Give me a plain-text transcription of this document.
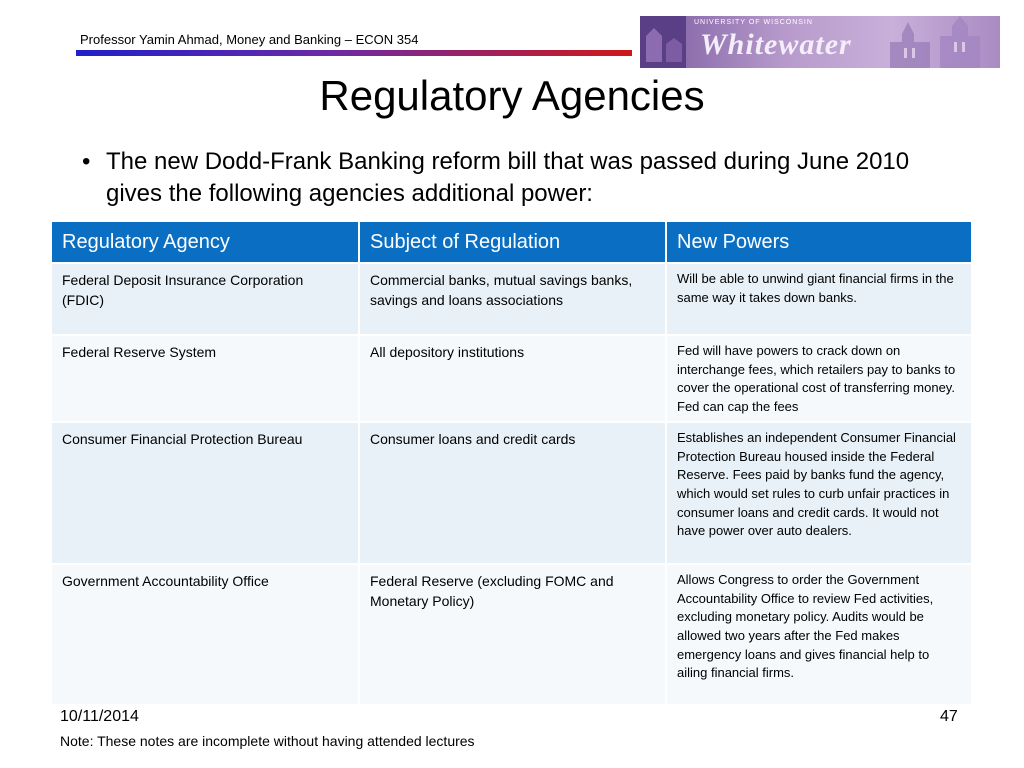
Professor Yamin Ahmad, Money and Banking – ECON 354
UNIVERSITY OF WISCONSIN
Whitewater
Regulatory Agencies
• The new Dodd-Frank Banking reform bill that was passed during June 2010 gives the following agencies additional power:
Regulatory Agency	Subject of Regulation	New Powers
Federal Deposit Insurance Corporation (FDIC)	Commercial banks, mutual savings banks, savings and loans associations	Will be able to unwind giant financial firms in the same way it takes down banks.
Federal Reserve System	All depository institutions	Fed will have powers to crack down on interchange fees, which retailers pay to banks to cover the operational cost of transferring money. Fed can cap the fees
Consumer Financial Protection Bureau	Consumer loans and credit cards	Establishes an independent Consumer Financial Protection Bureau housed inside the Federal Reserve. Fees paid by banks fund the agency, which would set rules to curb unfair practices in consumer loans and credit cards. It would not have power over auto dealers.
Government Accountability Office	Federal Reserve (excluding FOMC and Monetary Policy)	Allows Congress to order the Government Accountability Office to review Fed activities, excluding monetary policy. Audits would be allowed two years after the Fed makes emergency loans and gives financial help to ailing financial firms.
10/11/2014	47
Note: These notes are incomplete without having attended lectures
